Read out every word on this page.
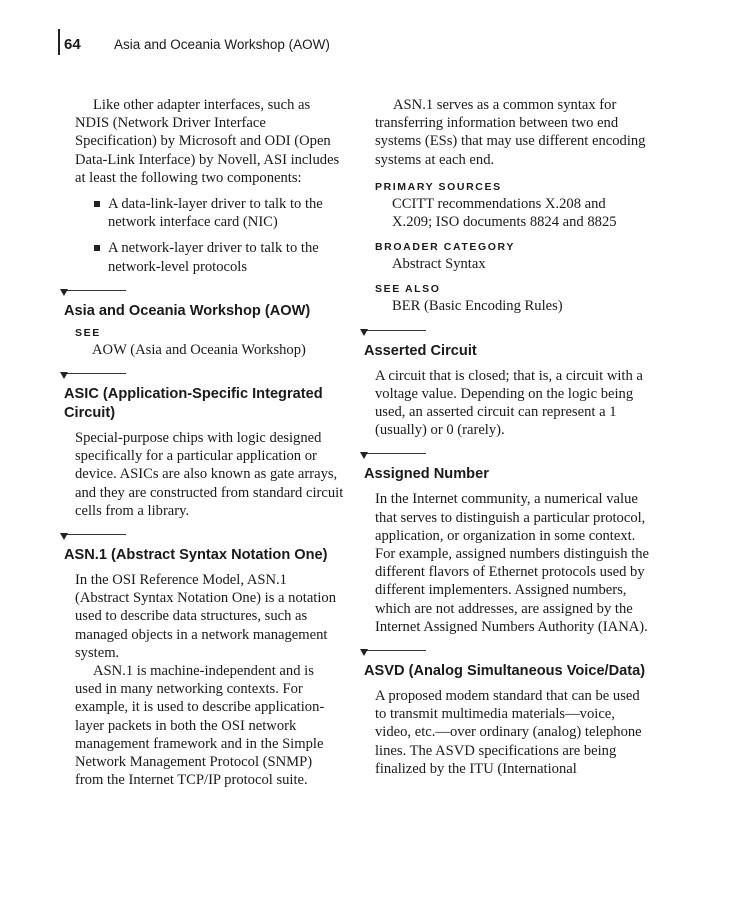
64 Asia and Oceania Workshop (AOW)

Like other adapter interfaces, such as NDIS (Network Driver Interface Specification) by Microsoft and ODI (Open Data-Link Interface) by Novell, ASI includes at least the following two components:

A data-link-layer driver to talk to the network interface card (NIC)
A network-layer driver to talk to the network-level protocols
Asia and Oceania Workshop (AOW)
SEE
AOW (Asia and Oceania Workshop)
ASIC (Application-Specific Integrated Circuit)

Special-purpose chips with logic designed specifically for a particular application or device. ASICs are also known as gate arrays, and they are constructed from standard circuit cells from a library.

ASN.1 (Abstract Syntax Notation One)

In the OSI Reference Model, ASN.1 (Abstract Syntax Notation One) is a notation used to describe data structures, such as managed objects in a network management system.

ASN.1 is machine-independent and is used in many networking contexts. For example, it is used to describe application-layer packets in both the OSI network management framework and in the Simple Network Management Protocol (SNMP) from the Internet TCP/IP protocol suite.

ASN.1 serves as a common syntax for transferring information between two end systems (ESs) that may use different encoding systems at each end.

PRIMARY SOURCES
CCITT recommendations X.208 and X.209; ISO documents 8824 and 8825
BROADER CATEGORY
Abstract Syntax
SEE ALSO
BER (Basic Encoding Rules)
Asserted Circuit

A circuit that is closed; that is, a circuit with a voltage value. Depending on the logic being used, an asserted circuit can represent a 1 (usually) or 0 (rarely).

Assigned Number

In the Internet community, a numerical value that serves to distinguish a particular protocol, application, or organization in some context. For example, assigned numbers distinguish the different flavors of Ethernet protocols used by different implementers. Assigned numbers, which are not addresses, are assigned by the Internet Assigned Numbers Authority (IANA).

ASVD (Analog Simultaneous Voice/Data)

A proposed modem standard that can be used to transmit multimedia materials—voice, video, etc.—over ordinary (analog) telephone lines. The ASVD specifications are being finalized by the ITU (International
